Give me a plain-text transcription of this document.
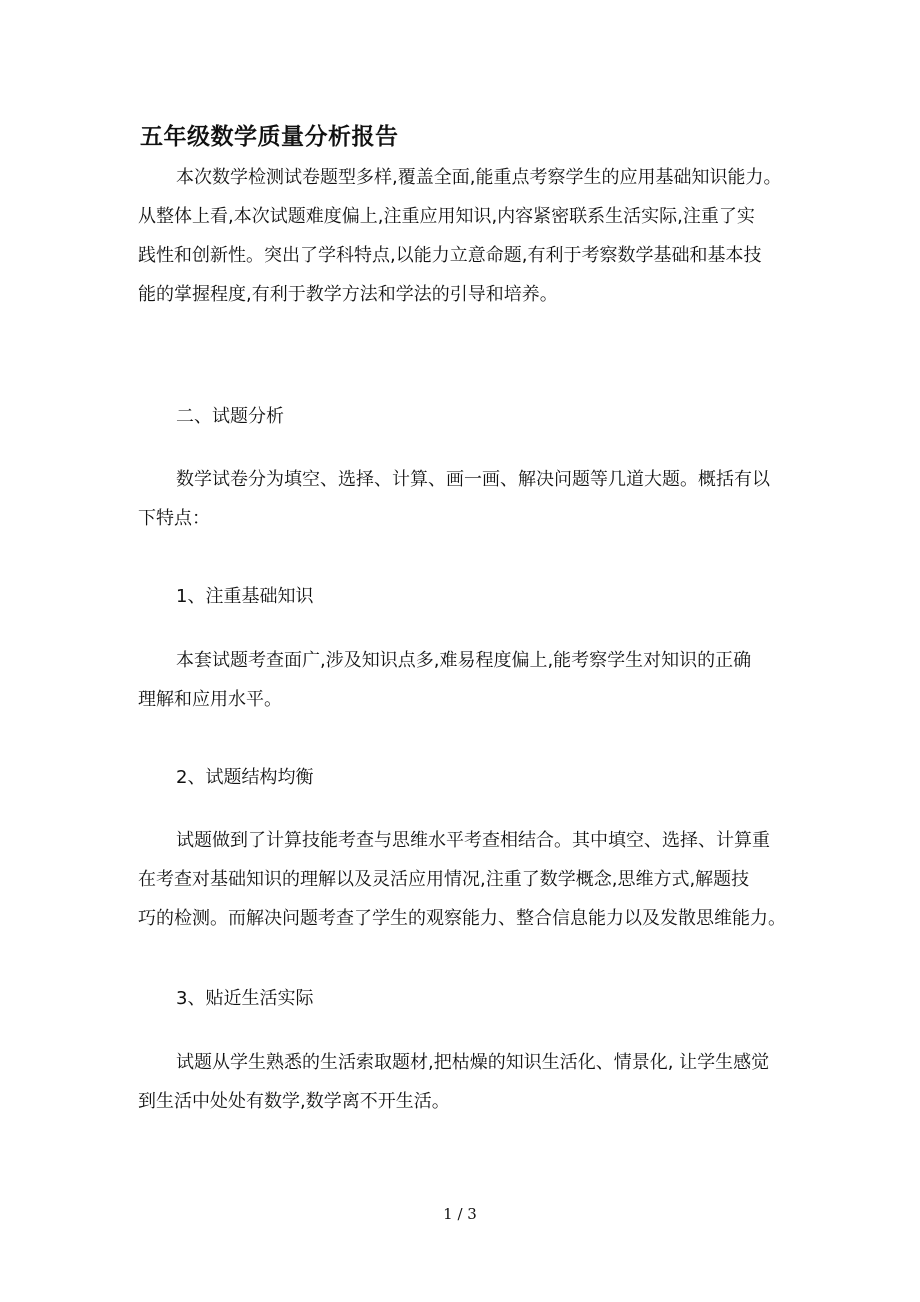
五年级数学质量分析报告
本次数学检测试卷题型多样,覆盖全面,能重点考察学生的应用基础知识能力。
从整体上看,本次试题难度偏上,注重应用知识,内容紧密联系生活实际,注重了实
践性和创新性。突出了学科特点,以能力立意命题,有利于考察数学基础和基本技
能的掌握程度,有利于教学方法和学法的引导和培养。
二、试题分析
数学试卷分为填空、选择、计算、画一画、解决问题等几道大题。概括有以
下特点：
1、注重基础知识
本套试题考查面广,涉及知识点多,难易程度偏上,能考察学生对知识的正确
理解和应用水平。
2、试题结构均衡
试题做到了计算技能考查与思维水平考查相结合。其中填空、选择、计算重
在考查对基础知识的理解以及灵活应用情况,注重了数学概念,思维方式,解题技
巧的检测。而解决问题考查了学生的观察能力、整合信息能力以及发散思维能力。
3、贴近生活实际
试题从学生熟悉的生活索取题材,把枯燥的知识生活化、情景化, 让学生感觉
到生活中处处有数学,数学离不开生活。
1 / 3
